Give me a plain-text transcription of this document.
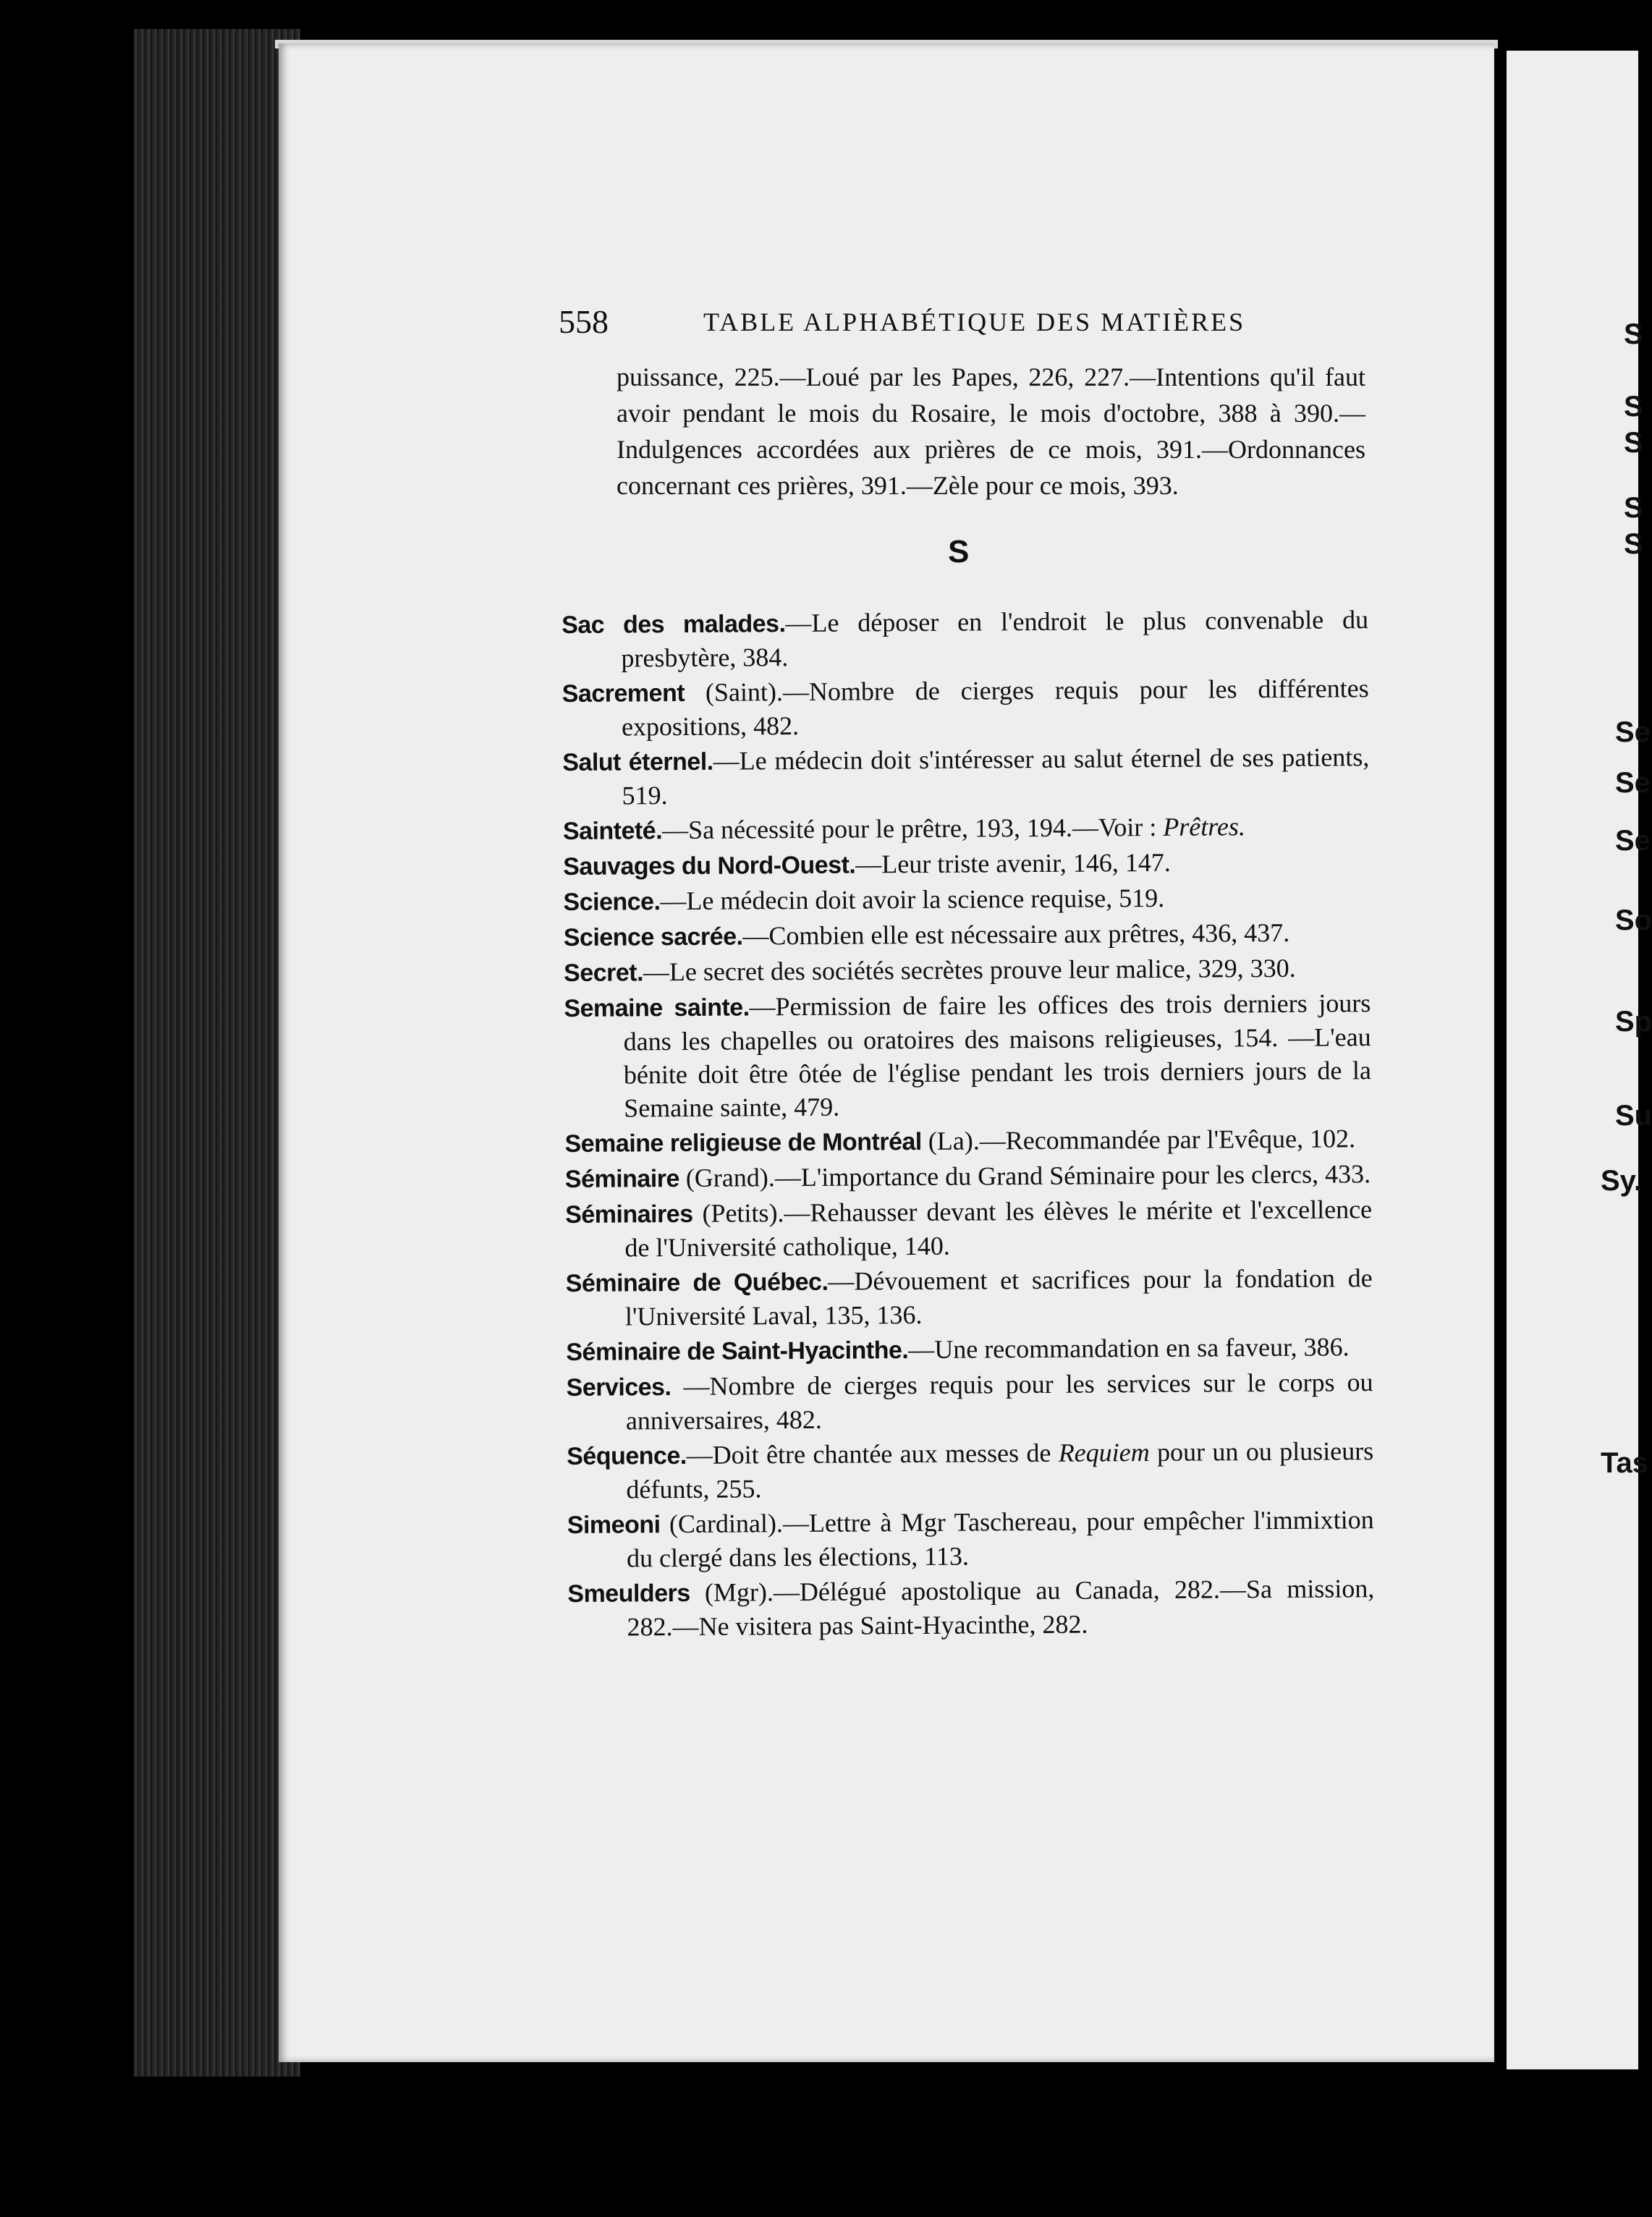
558	TABLE ALPHABÉTIQUE DES MATIÈRES
puissance, 225.—Loué par les Papes, 226, 227.—Intentions qu'il faut avoir pendant le mois du Rosaire, le mois d'octobre, 388 à 390.—Indulgences accordées aux prières de ce mois, 391.—Ordonnances concernant ces prières, 391.—Zèle pour ce mois, 393.
S
Sac des malades.—Le déposer en l'endroit le plus convenable du presbytère, 384.
Sacrement (Saint).—Nombre de cierges requis pour les différentes expositions, 482.
Salut éternel.—Le médecin doit s'intéresser au salut éternel de ses patients, 519.
Sainteté.—Sa nécessité pour le prêtre, 193, 194.—Voir : Prêtres.
Sauvages du Nord-Ouest.—Leur triste avenir, 146, 147.
Science.—Le médecin doit avoir la science requise, 519.
Science sacrée.—Combien elle est nécessaire aux prêtres, 436, 437.
Secret.—Le secret des sociétés secrètes prouve leur malice, 329, 330.
Semaine sainte.—Permission de faire les offices des trois derniers jours dans les chapelles ou oratoires des maisons religieuses, 154. —L'eau bénite doit être ôtée de l'église pendant les trois derniers jours de la Semaine sainte, 479.
Semaine religieuse de Montréal (La).—Recommandée par l'Evêque, 102.
Séminaire (Grand).—L'importance du Grand Séminaire pour les clercs, 433.
Séminaires (Petits).—Rehausser devant les élèves le mérite et l'excellence de l'Université catholique, 140.
Séminaire de Québec.—Dévouement et sacrifices pour la fondation de l'Université Laval, 135, 136.
Séminaire de Saint-Hyacinthe.—Une recommandation en sa faveur, 386.
Services. —Nombre de cierges requis pour les services sur le corps ou anniversaires, 482.
Séquence.—Doit être chantée aux messes de Requiem pour un ou plusieurs défunts, 255.
Simeoni (Cardinal).—Lettre à Mgr Taschereau, pour empêcher l'immixtion du clergé dans les élections, 113.
Smeulders (Mgr).—Délégué apostolique au Canada, 282.—Sa mission, 282.—Ne visitera pas Saint-Hyacinthe, 282.
S
S
S
S
S
Se
Se
Se
So
Sp
Su
Sy.
Tas
